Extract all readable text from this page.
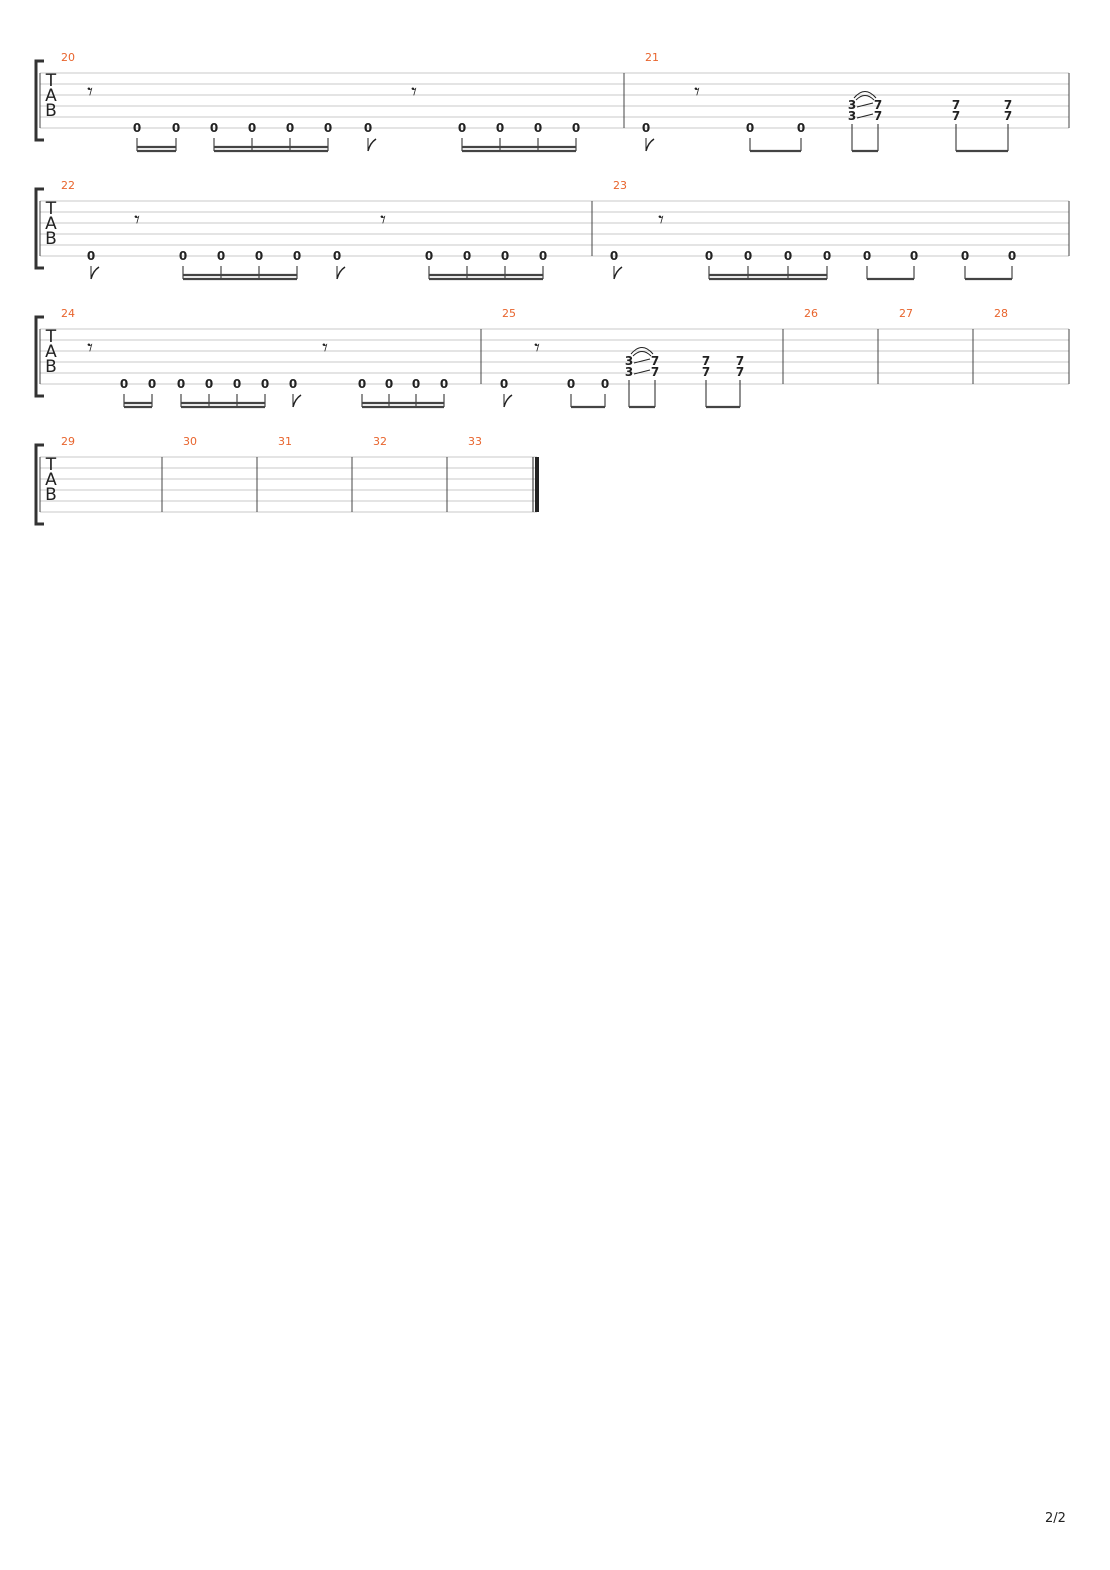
T
A
B
20
𝄾
0	0 0 0 0 0	0
𝄾
0 0 0 0
21
0
𝄾
0	0
3
3
7
7
7
7
7
7
T
A
B
22
0
𝄾
0 0 0 0	0
𝄾
0 0 0 0
23
0
𝄾
0	0	0	0	0	0	0	0
T
A
B
24
𝄾
0 0 0 0 0 0 0
𝄾
0 0 0 0
25
0
𝄾
0 0
3
3
7
7
7
7
7
7
26	27	28
T
A
B
29	30	31	32	33
2/2
